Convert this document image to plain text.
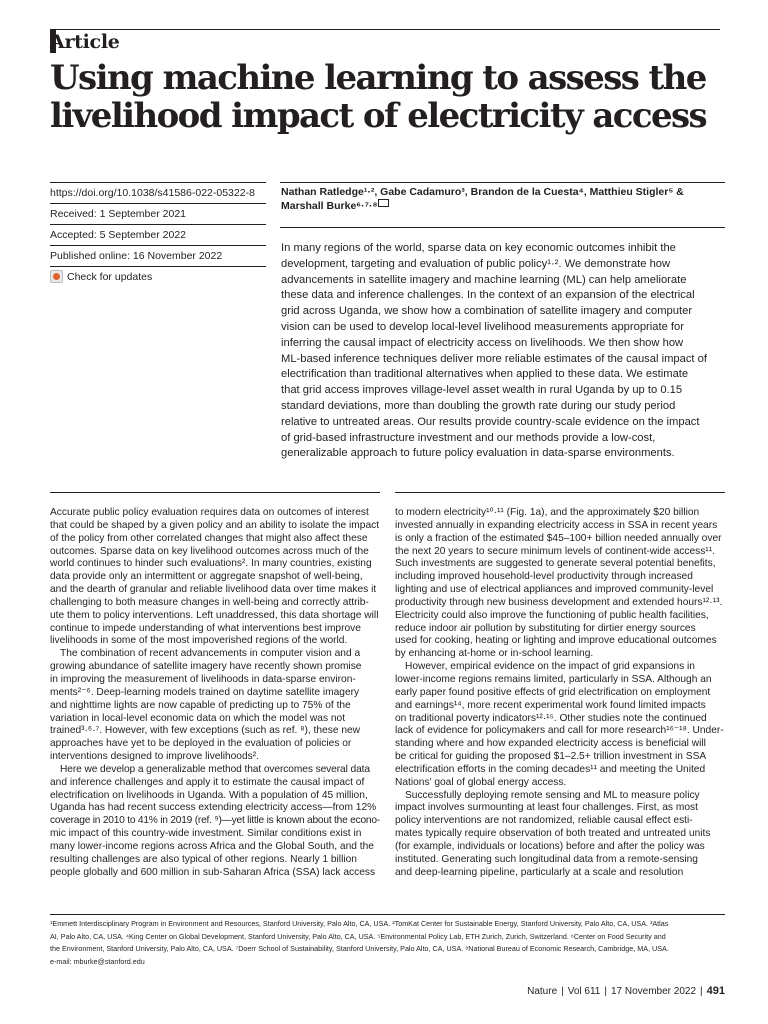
Article
Using machine learning to assess the
livelihood impact of electricity access
https://doi.org/10.1038/s41586-022-05322-8
Received: 1 September 2021
Accepted: 5 September 2022
Published online: 16 November 2022
Check for updates
Nathan Ratledge¹·², Gabe Cadamuro³, Brandon de la Cuesta⁴, Matthieu Stigler⁵ &
Marshall Burke⁶·⁷·⁸
In many regions of the world, sparse data on key economic outcomes inhibit the
development, targeting and evaluation of public policy¹·². We demonstrate how
advancements in satellite imagery and machine learning (ML) can help ameliorate
these data and inference challenges. In the context of an expansion of the electrical
grid across Uganda, we show how a combination of satellite imagery and computer
vision can be used to develop local-level livelihood measurements appropriate for
inferring the causal impact of electricity access on livelihoods. We then show how
ML-based inference techniques deliver more reliable estimates of the causal impact of
electrification than traditional alternatives when applied to these data. We estimate
that grid access improves village-level asset wealth in rural Uganda by up to 0.15
standard deviations, more than doubling the growth rate during our study period
relative to untreated areas. Our results provide country-scale evidence on the impact
of grid-based infrastructure investment and our methods provide a low-cost,
generalizable approach to future policy evaluation in data-sparse environments.
Accurate public policy evaluation requires data on outcomes of interest
that could be shaped by a given policy and an ability to isolate the impact
of the policy from other correlated changes that might also affect these
outcomes. Sparse data on key livelihood outcomes across much of the
world continues to hinder such evaluations². In many countries, existing
data provide only an intermittent or aggregate snapshot of well-being,
and the dearth of granular and reliable livelihood data over time makes it
challenging to both measure changes in well-being and correctly attrib-
ute them to policy interventions. Left unaddressed, this data shortage will
continue to impede understanding of what interventions best improve
livelihoods in some of the most impoverished regions of the world.
The combination of recent advancements in computer vision and a
growing abundance of satellite imagery have recently shown promise
in improving the measurement of livelihoods in data-sparse environ-
ments²⁻⁶. Deep-learning models trained on daytime satellite imagery
and nighttime lights are now capable of predicting up to 75% of the
variation in local-level economic data on which the model was not
trained³·⁶·⁷. However, with few exceptions (such as ref. ⁸), these new
approaches have yet to be deployed in the evaluation of policies or
interventions designed to improve livelihoods².
Here we develop a generalizable method that overcomes several data
and inference challenges and apply it to estimate the causal impact of
electrification on livelihoods in Uganda. With a population of 45 million,
Uganda has had recent success extending electricity access—from 12%
coverage in 2010 to 41% in 2019 (ref. ⁹)—yet little is known about the econo-
mic impact of this country-wide investment. Similar conditions exist in
many lower-income regions across Africa and the Global South, and the
resulting challenges are also typical of other regions. Nearly 1 billion
people globally and 600 million in sub-Saharan Africa (SSA) lack access
to modern electricity¹⁰·¹¹ (Fig. 1a), and the approximately $20 billion
invested annually in expanding electricity access in SSA in recent years
is only a fraction of the estimated $45–100+ billion needed annually over
the next 20 years to secure minimum levels of continent-wide access¹¹.
Such investments are suggested to generate several potential benefits,
including improved household-level productivity through increased
lighting and use of electrical appliances and improved community-level
productivity through new business development and extended hours¹²·¹³.
Electricity could also improve the functioning of public health facilities,
reduce indoor air pollution by substituting for dirtier energy sources
used for cooking, heating or lighting and improve educational outcomes
by enhancing at-home or in-school learning.
However, empirical evidence on the impact of grid expansions in
lower-income regions remains limited, particularly in SSA. Although an
early paper found positive effects of grid electrification on employment
and earnings¹⁴, more recent experimental work found limited impacts
on traditional poverty indicators¹²·¹⁵. Other studies note the continued
lack of evidence for policymakers and call for more research¹⁶⁻¹⁸. Under-
standing where and how expanded electricity access is beneficial will
be critical for guiding the proposed $1–2.5+ trillion investment in SSA
electrification efforts in the coming decades¹¹ and meeting the United
Nations' goal of global energy access.
Successfully deploying remote sensing and ML to measure policy
impact involves surmounting at least four challenges. First, as most
policy interventions are not randomized, reliable causal effect esti-
mates typically require observation of both treated and untreated units
(for example, individuals or locations) before and after the policy was
instituted. Generating such longitudinal data from a remote-sensing
and deep-learning pipeline, particularly at a scale and resolution
¹Emmett Interdisciplinary Program in Environment and Resources, Stanford University, Palo Alto, CA, USA. ²TomKat Center for Sustainable Energy, Stanford University, Palo Alto, CA, USA. ³Atlas
AI, Palo Alto, CA, USA. ⁴King Center on Global Development, Stanford University, Palo Alto, CA, USA. ⁵Environmental Policy Lab, ETH Zurich, Zurich, Switzerland. ⁶Center on Food Security and
the Environment, Stanford University, Palo Alto, CA, USA. ⁷Doerr School of Sustainability, Stanford University, Palo Alto, CA, USA. ⁸National Bureau of Economic Research, Cambridge, MA, USA.
e-mail: mburke@stanford.edu
Nature | Vol 611 | 17 November 2022 | 491
